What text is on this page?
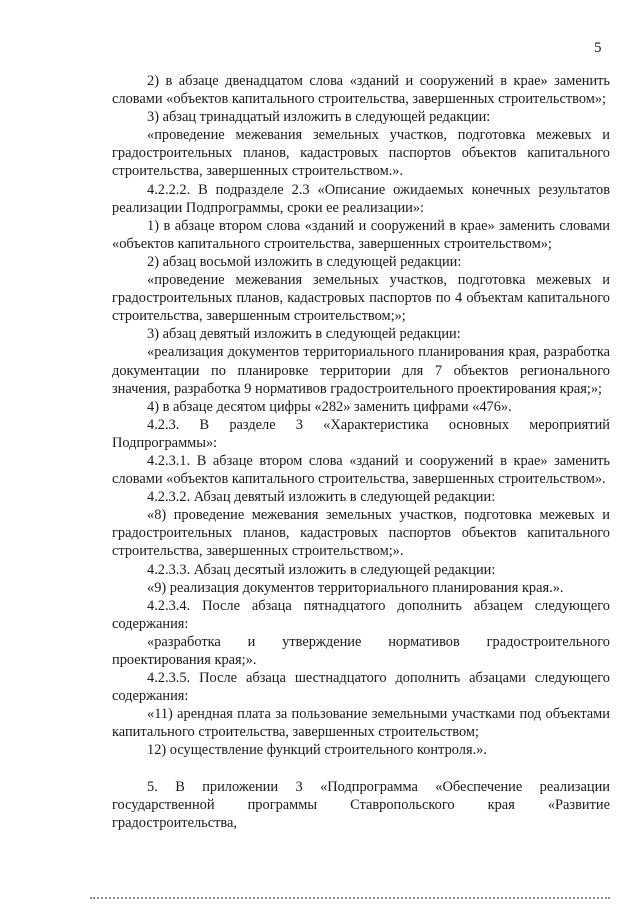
5

2) в абзаце двенадцатом слова «зданий и сооружений в крае» заменить словами «объектов капитального строительства, завершенных строительством»;

3) абзац тринадцатый изложить в следующей редакции:

«проведение межевания земельных участков, подготовка межевых и градостроительных планов, кадастровых паспортов объектов капитального строительства, завершенных строительством.».

4.2.2.2. В подразделе 2.3 «Описание ожидаемых конечных результатов реализации Подпрограммы, сроки ее реализации»:

1) в абзаце втором слова «зданий и сооружений в крае» заменить словами «объектов капитального строительства, завершенных строительством»;

2) абзац восьмой изложить в следующей редакции:

«проведение межевания земельных участков, подготовка межевых и градостроительных планов, кадастровых паспортов по 4 объектам капитального строительства, завершенным строительством;»;

3) абзац девятый изложить в следующей редакции:

«реализация документов территориального планирования края, разработка документации по планировке территории для 7 объектов регионального значения, разработка 9 нормативов градостроительного проектирования края;»;

4) в абзаце десятом цифры «282» заменить цифрами «476».

4.2.3. В разделе 3 «Характеристика основных мероприятий Подпрограммы»:

4.2.3.1. В абзаце втором слова «зданий и сооружений в крае» заменить словами «объектов капитального строительства, завершенных строительством».

4.2.3.2. Абзац девятый изложить в следующей редакции:

«8) проведение межевания земельных участков, подготовка межевых и градостроительных планов, кадастровых паспортов объектов капитального строительства, завершенных строительством;».

4.2.3.3. Абзац десятый изложить в следующей редакции:

«9) реализация документов территориального планирования края.».

4.2.3.4. После абзаца пятнадцатого дополнить абзацем следующего содержания:

«разработка и утверждение нормативов градостроительного проектирования края;».

4.2.3.5. После абзаца шестнадцатого дополнить абзацами следующего содержания:

«11) арендная плата за пользование земельными участками под объектами капитального строительства, завершенных строительством;

12) осуществление функций строительного контроля.».

5. В приложении 3 «Подпрограмма «Обеспечение реализации государственной программы Ставропольского края «Развитие градостроительства,
